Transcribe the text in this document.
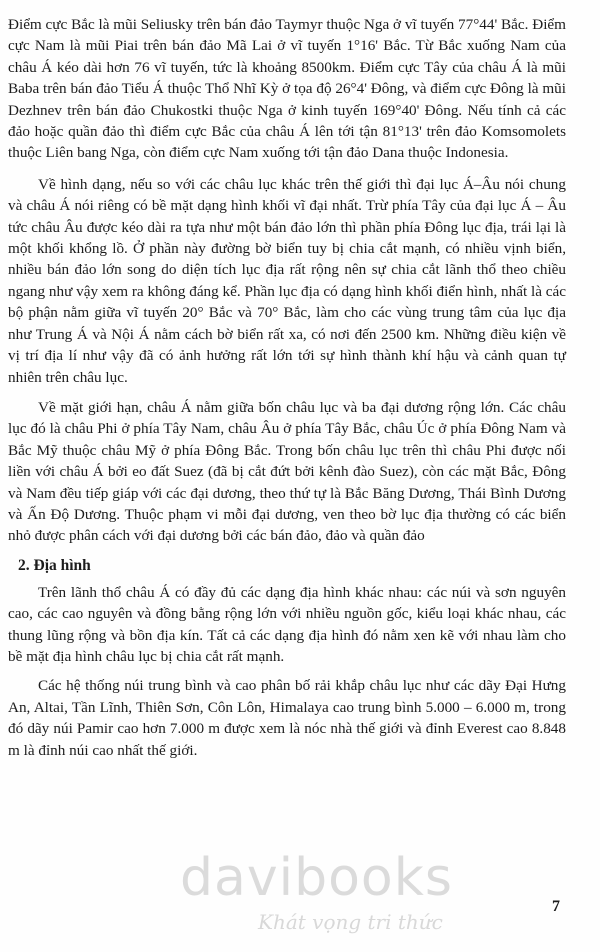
Điểm cực Bắc là mũi Seliusky trên bán đảo Taymyr thuộc Nga ở vĩ tuyến 77°44' Bắc. Điểm cực Nam là mũi Piai trên bán đảo Mã Lai ở vĩ tuyến 1°16' Bắc. Từ Bắc xuống Nam của châu Á kéo dài hơn 76 vĩ tuyến, tức là khoảng 8500km. Điểm cực Tây của châu Á là mũi Baba trên bán đảo Tiểu Á thuộc Thổ Nhĩ Kỳ ở tọa độ 26°4' Đông, và điểm cực Đông là mũi Dezhnev trên bán đảo Chukostki thuộc Nga ở kinh tuyến 169°40' Đông. Nếu tính cả các đảo hoặc quần đảo thì điểm cực Bắc của châu Á lên tới tận 81°13' trên đảo Komsomolets thuộc Liên bang Nga, còn điểm cực Nam xuống tới tận đảo Dana thuộc Indonesia.

Về hình dạng, nếu so với các châu lục khác trên thế giới thì đại lục Á–Âu nói chung và châu Á nói riêng có bề mặt dạng hình khối vĩ đại nhất. Trừ phía Tây của đại lục Á – Âu tức châu Âu được kéo dài ra tựa như một bán đảo lớn thì phần phía Đông lục địa, trái lại là một khối khổng lồ. Ở phần này đường bờ biển tuy bị chia cắt mạnh, có nhiều vịnh biển, nhiều bán đảo lớn song do diện tích lục địa rất rộng nên sự chia cắt lãnh thổ theo chiều ngang như vậy xem ra không đáng kể. Phần lục địa có dạng hình khối điển hình, nhất là các bộ phận nằm giữa vĩ tuyến 20° Bắc và 70° Bắc, làm cho các vùng trung tâm của lục địa như Trung Á và Nội Á nằm cách bờ biển rất xa, có nơi đến 2500 km. Những điều kiện về vị trí địa lí như vậy đã có ảnh hưởng rất lớn tới sự hình thành khí hậu và cảnh quan tự nhiên trên châu lục.

Về mặt giới hạn, châu Á nằm giữa bốn châu lục và ba đại dương rộng lớn. Các châu lục đó là châu Phi ở phía Tây Nam, châu Âu ở phía Tây Bắc, châu Úc ở phía Đông Nam và Bắc Mỹ thuộc châu Mỹ ở phía Đông Bắc. Trong bốn châu lục trên thì châu Phi được nối liền với châu Á bởi eo đất Suez (đã bị cắt đứt bởi kênh đào Suez), còn các mặt Bắc, Đông và Nam đều tiếp giáp với các đại dương, theo thứ tự là Bắc Băng Dương, Thái Bình Dương và Ấn Độ Dương. Thuộc phạm vi mỗi đại dương, ven theo bờ lục địa thường có các biển nhỏ được phân cách với đại dương bởi các bán đảo, đảo và quần đảo

2. Địa hình

Trên lãnh thổ châu Á có đầy đủ các dạng địa hình khác nhau: các núi và sơn nguyên cao, các cao nguyên và đồng bằng rộng lớn với nhiều nguồn gốc, kiểu loại khác nhau, các thung lũng rộng và bồn địa kín. Tất cả các dạng địa hình đó nằm xen kẽ với nhau làm cho bề mặt địa hình châu lục bị chia cắt rất mạnh.

Các hệ thống núi trung bình và cao phân bố rải khắp châu lục như các dãy Đại Hưng An, Altai, Tần Lĩnh, Thiên Sơn, Côn Lôn, Himalaya cao trung bình 5.000 – 6.000 m, trong đó dãy núi Pamir cao hơn 7.000 m được xem là nóc nhà thế giới và đỉnh Everest cao 8.848 m là đỉnh núi cao nhất thế giới.

davibooks
Khát vọng tri thức
7
